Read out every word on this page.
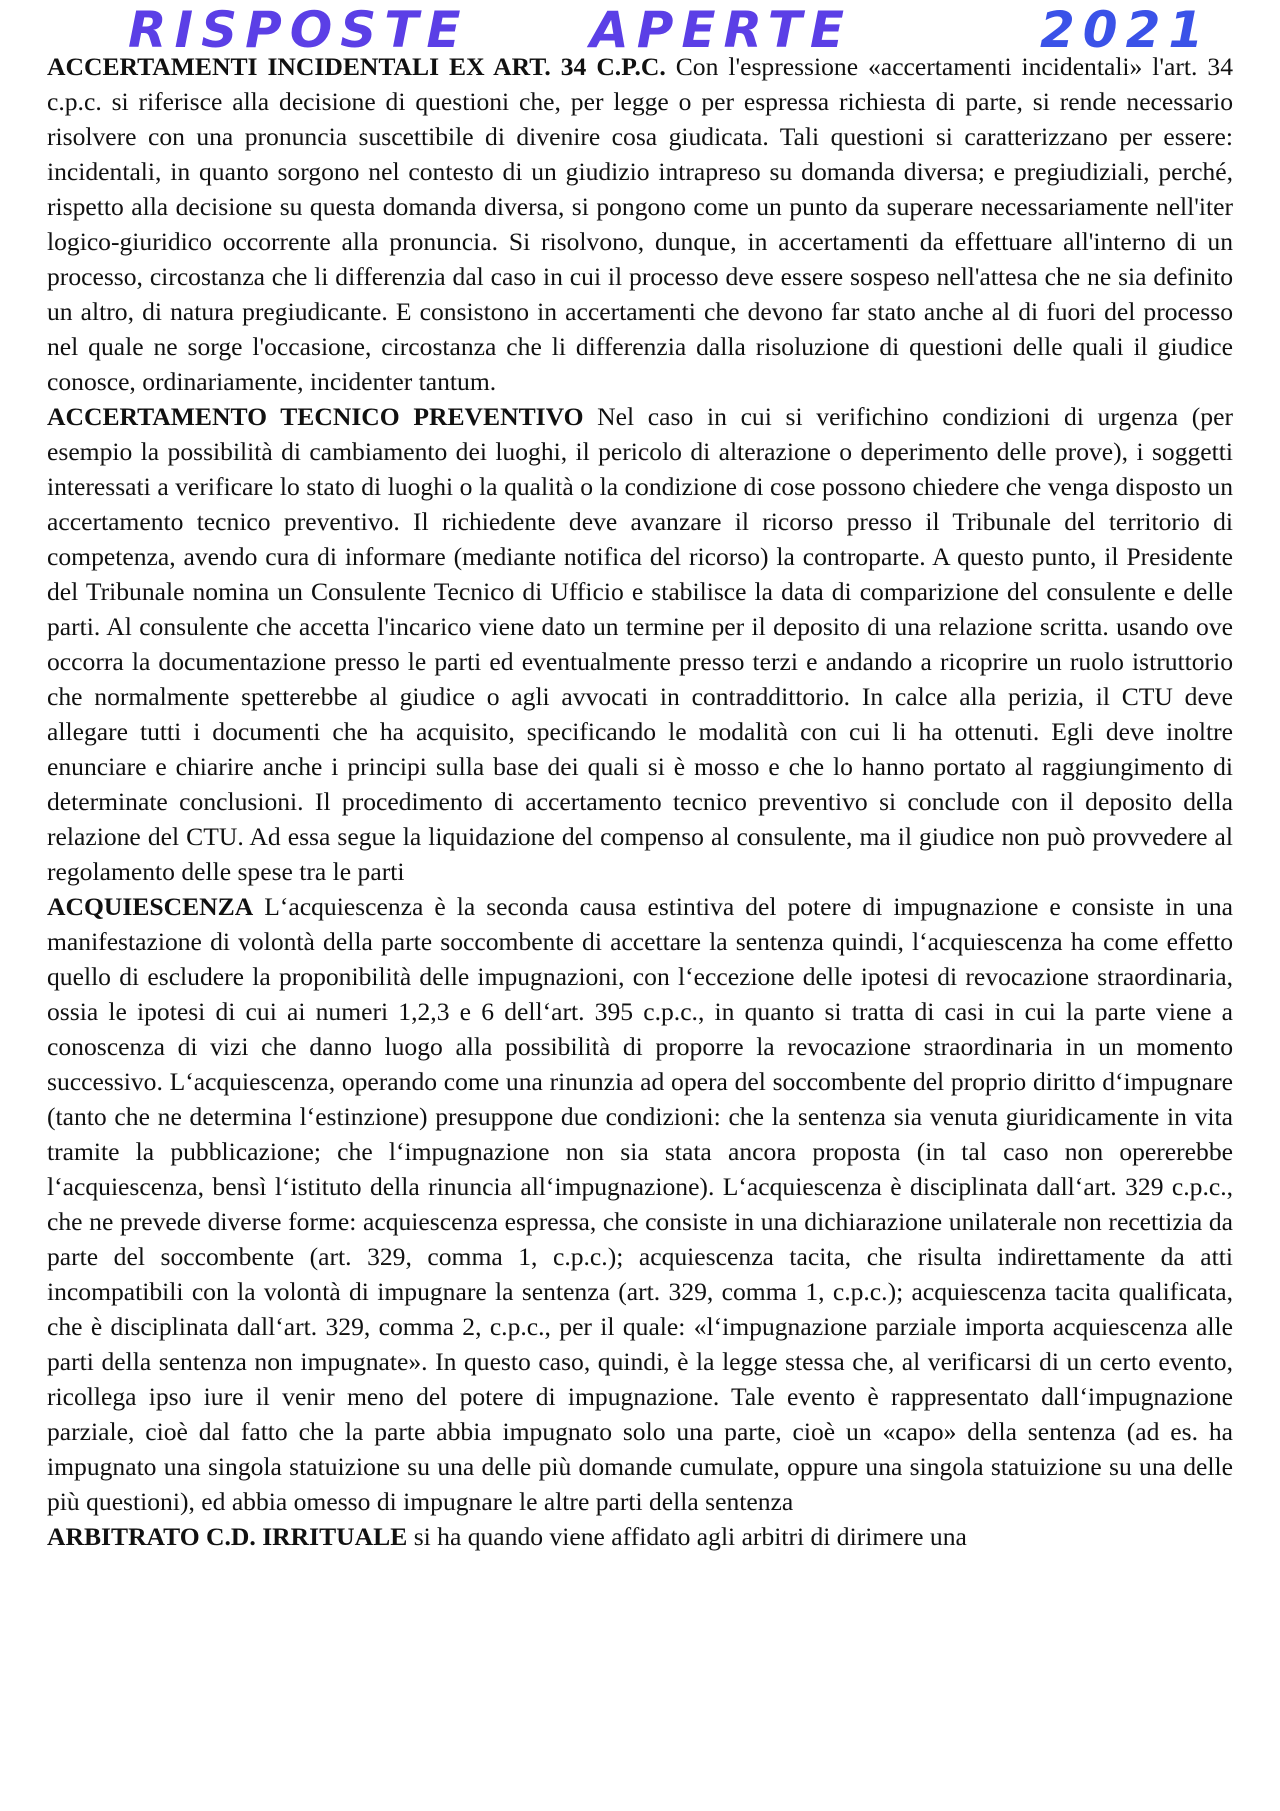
RISPOSTE APERTE	2021

ACCERTAMENTI INCIDENTALI EX ART. 34 C.P.C. Con l'espressione «accertamenti incidentali» l'art. 34 c.p.c. si riferisce alla decisione di questioni che, per legge o per espressa richiesta di parte, si rende necessario risolvere con una pronuncia suscettibile di divenire cosa giudicata. Tali questioni si caratterizzano per essere: incidentali, in quanto sorgono nel contesto di un giudizio intrapreso su domanda diversa; e pregiudiziali, perché, rispetto alla decisione su questa domanda diversa, si pongono come un punto da superare necessariamente nell'iter logico-giuridico occorrente alla pronuncia. Si risolvono, dunque, in accertamenti da effettuare all'interno di un processo, circostanza che li differenzia dal caso in cui il processo deve essere sospeso nell'attesa che ne sia definito un altro, di natura pregiudicante. E consistono in accertamenti che devono far stato anche al di fuori del processo nel quale ne sorge l'occasione, circostanza che li differenzia dalla risoluzione di questioni delle quali il giudice conosce, ordinariamente, incidenter tantum.

ACCERTAMENTO TECNICO PREVENTIVO Nel caso in cui si verifichino condizioni di urgenza (per esempio la possibilità di cambiamento dei luoghi, il pericolo di alterazione o deperimento delle prove), i soggetti interessati a verificare lo stato di luoghi o la qualità o la condizione di cose possono chiedere che venga disposto un accertamento tecnico preventivo. Il richiedente deve avanzare il ricorso presso il Tribunale del territorio di competenza, avendo cura di informare (mediante notifica del ricorso) la controparte. A questo punto, il Presidente del Tribunale nomina un Consulente Tecnico di Ufficio e stabilisce la data di comparizione del consulente e delle parti. Al consulente che accetta l'incarico viene dato un termine per il deposito di una relazione scritta. usando ove occorra la documentazione presso le parti ed eventualmente presso terzi e andando a ricoprire un ruolo istruttorio che normalmente spetterebbe al giudice o agli avvocati in contraddittorio. In calce alla perizia, il CTU deve allegare tutti i documenti che ha acquisito, specificando le modalità con cui li ha ottenuti. Egli deve inoltre enunciare e chiarire anche i principi sulla base dei quali si è mosso e che lo hanno portato al raggiungimento di determinate conclusioni. Il procedimento di accertamento tecnico preventivo si conclude con il deposito della relazione del CTU. Ad essa segue la liquidazione del compenso al consulente, ma il giudice non può provvedere al regolamento delle spese tra le parti

ACQUIESCENZA L‘acquiescenza è la seconda causa estintiva del potere di impugnazione e consiste in una manifestazione di volontà della parte soccombente di accettare la sentenza quindi, l‘acquiescenza ha come effetto quello di escludere la proponibilità delle impugnazioni, con l‘eccezione delle ipotesi di revocazione straordinaria, ossia le ipotesi di cui ai numeri 1,2,3 e 6 dell‘art. 395 c.p.c., in quanto si tratta di casi in cui la parte viene a conoscenza di vizi che danno luogo alla possibilità di proporre la revocazione straordinaria in un momento successivo. L‘acquiescenza, operando come una rinunzia ad opera del soccombente del proprio diritto d‘impugnare (tanto che ne determina l‘estinzione) presuppone due condizioni: che la sentenza sia venuta giuridicamente in vita tramite la pubblicazione; che l‘impugnazione non sia stata ancora proposta (in tal caso non opererebbe l‘acquiescenza, bensì l‘istituto della rinuncia all‘impugnazione). L‘acquiescenza è disciplinata dall‘art. 329 c.p.c., che ne prevede diverse forme: acquiescenza espressa, che consiste in una dichiarazione unilaterale non recettizia da parte del soccombente (art. 329, comma 1, c.p.c.); acquiescenza tacita, che risulta indirettamente da atti incompatibili con la volontà di impugnare la sentenza (art. 329, comma 1, c.p.c.); acquiescenza tacita qualificata, che è disciplinata dall‘art. 329, comma 2, c.p.c., per il quale: «l‘impugnazione parziale importa acquiescenza alle parti della sentenza non impugnate». In questo caso, quindi, è la legge stessa che, al verificarsi di un certo evento, ricollega ipso iure il venir meno del potere di impugnazione. Tale evento è rappresentato dall‘impugnazione parziale, cioè dal fatto che la parte abbia impugnato solo una parte, cioè un «capo» della sentenza (ad es. ha impugnato una singola statuizione su una delle più domande cumulate, oppure una singola statuizione su una delle più questioni), ed abbia omesso di impugnare le altre parti della sentenza

ARBITRATO C.D. IRRITUALE si ha quando viene affidato agli arbitri di dirimere una
